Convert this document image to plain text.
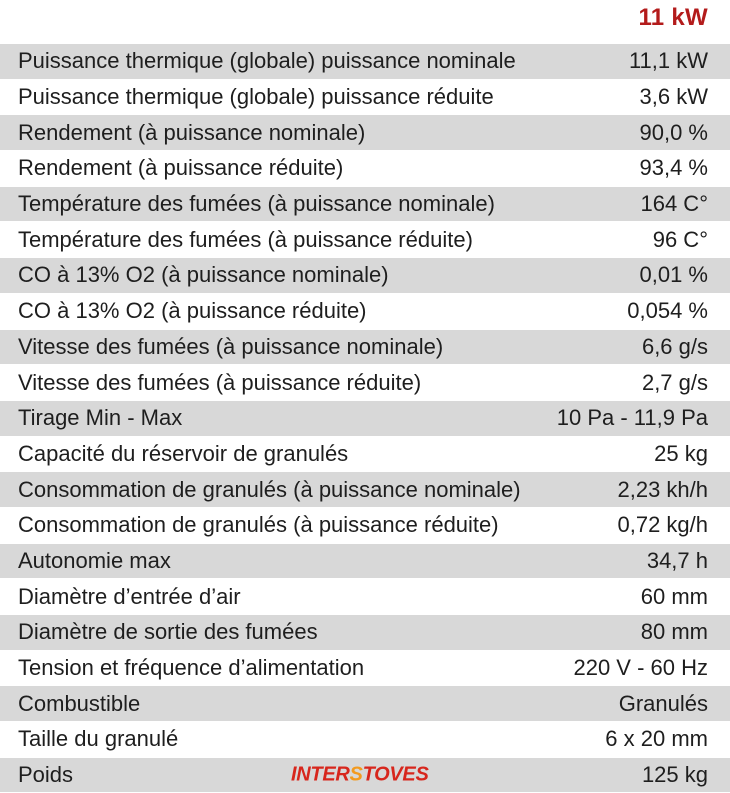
11 kW
Puissance thermique (globale) puissance nominale	11,1 kW
Puissance thermique (globale) puissance réduite	3,6 kW
Rendement (à puissance nominale)	90,0 %
Rendement (à puissance réduite)	93,4 %
Température des fumées (à puissance nominale)	164 C°
Température des fumées (à puissance réduite)	96 C°
CO à 13% O2 (à puissance nominale)	0,01 %
CO à 13% O2 (à puissance réduite)	0,054 %
Vitesse des fumées (à puissance nominale)	6,6 g/s
Vitesse des fumées (à puissance réduite)	2,7 g/s
Tirage Min - Max	10 Pa - 11,9 Pa
Capacité du réservoir de granulés	25 kg
Consommation de granulés (à puissance nominale)	2,23 kh/h
Consommation de granulés (à puissance réduite)	0,72 kg/h
Autonomie max	34,7 h
Diamètre d’entrée d’air	60 mm
Diamètre de sortie des fumées	80 mm
Tension et fréquence d’alimentation	220 V - 60 Hz
Combustible	Granulés
Taille du granulé	6 x 20 mm
Poids	INTERSTOVES	125 kg
